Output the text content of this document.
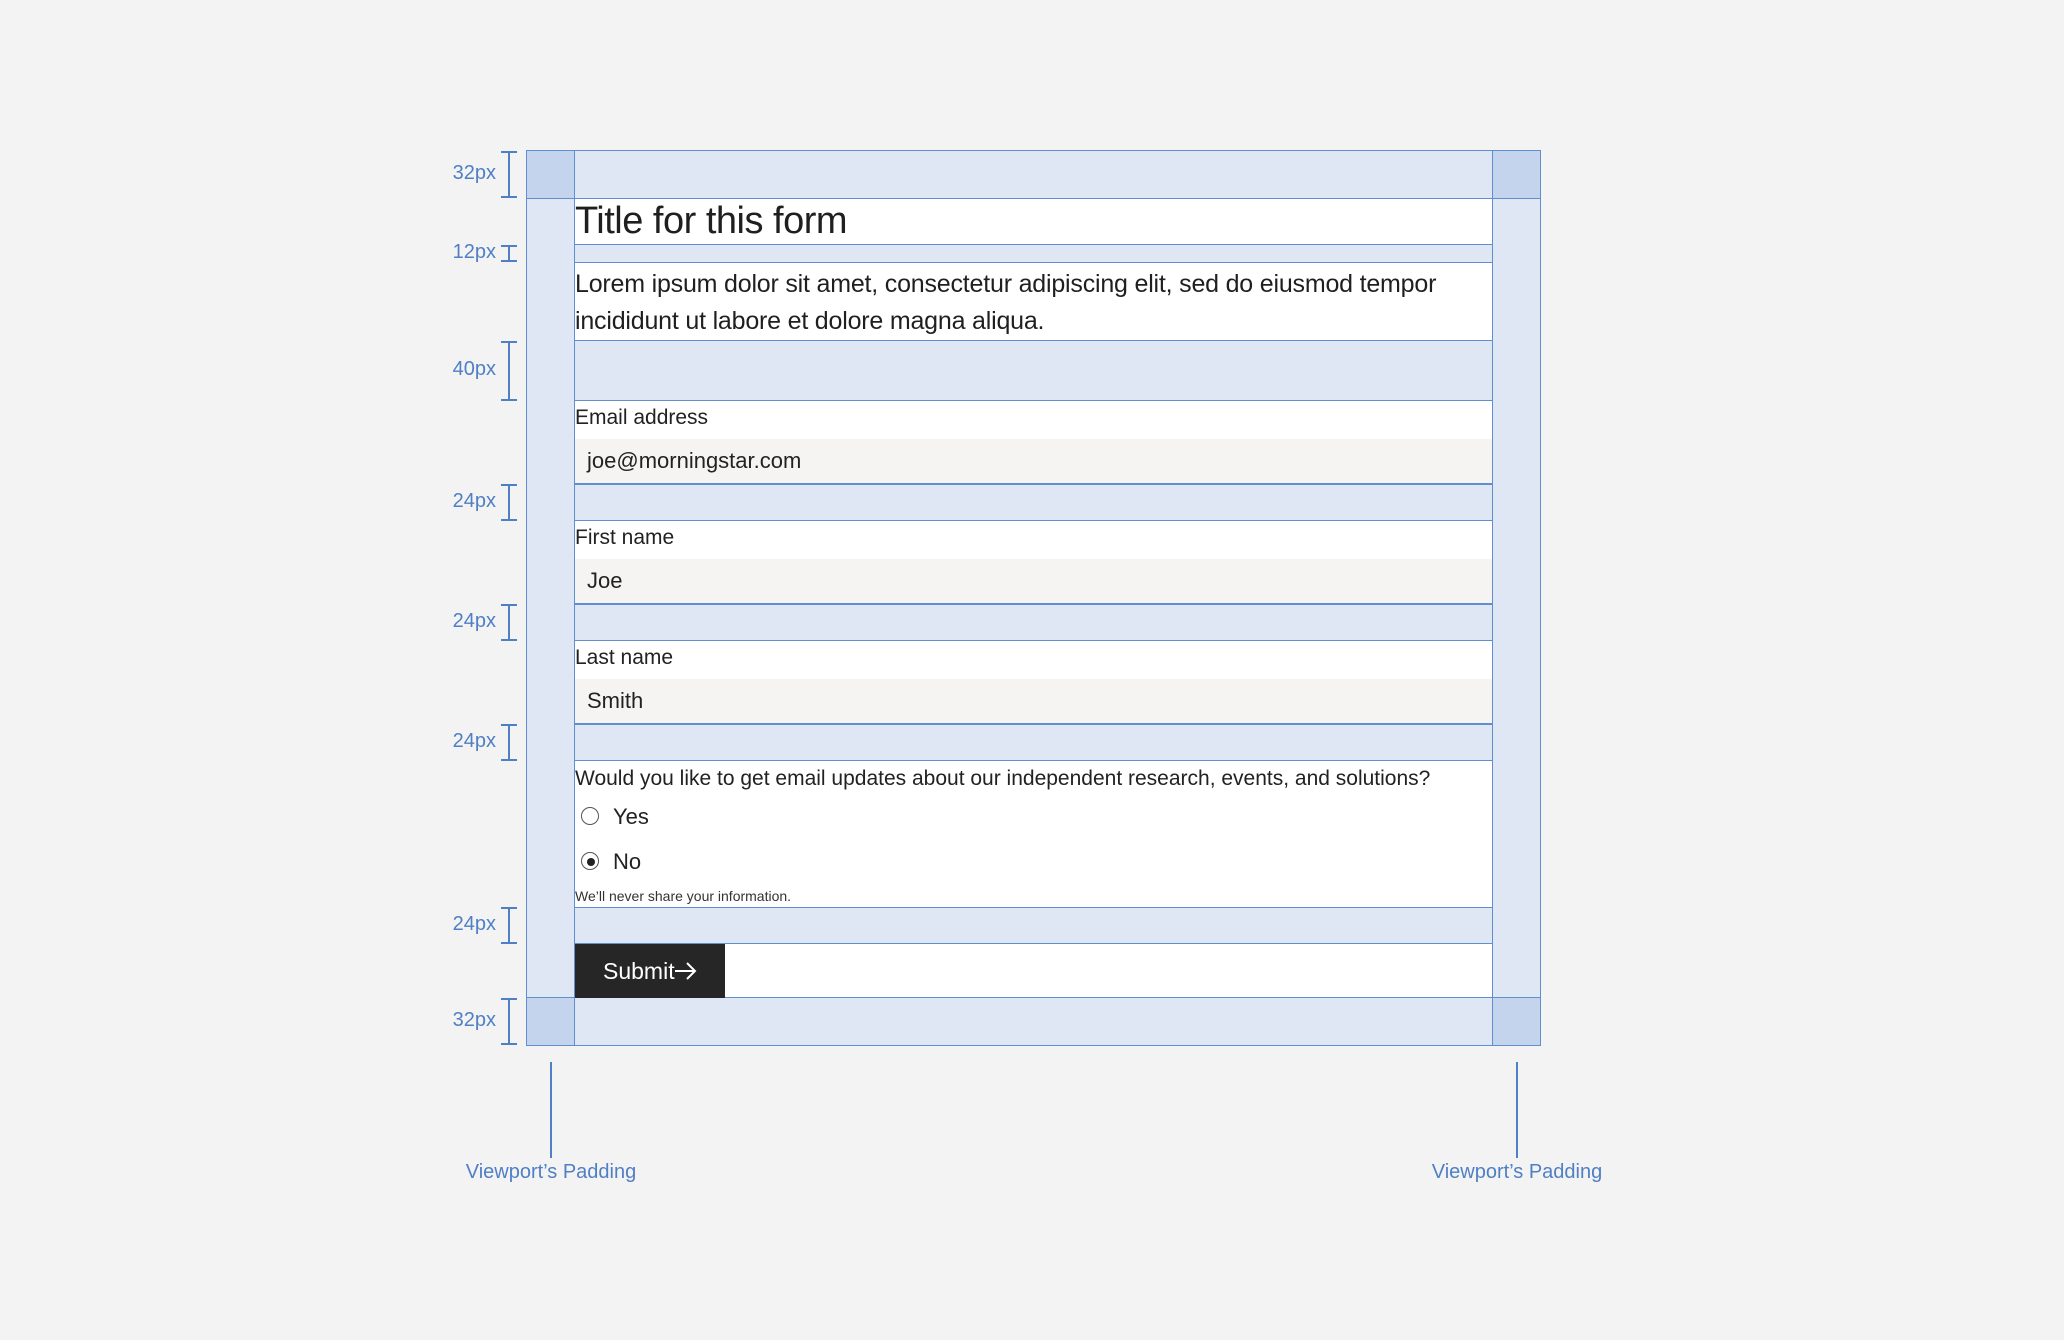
Title for this form
Lorem ipsum dolor sit amet, consectetur adipiscing elit, sed do eiusmod tempor incididunt ut labore et dolore magna aliqua.
Email address
joe@morningstar.com
First name
Joe
Last name
Smith
Would you like to get email updates about our independent research, events, and solutions?
Yes
No
We’ll never share your information.
Submit
32px
12px
40px
24px
24px
24px
24px
32px
Viewport’s Padding	Viewport’s Padding
